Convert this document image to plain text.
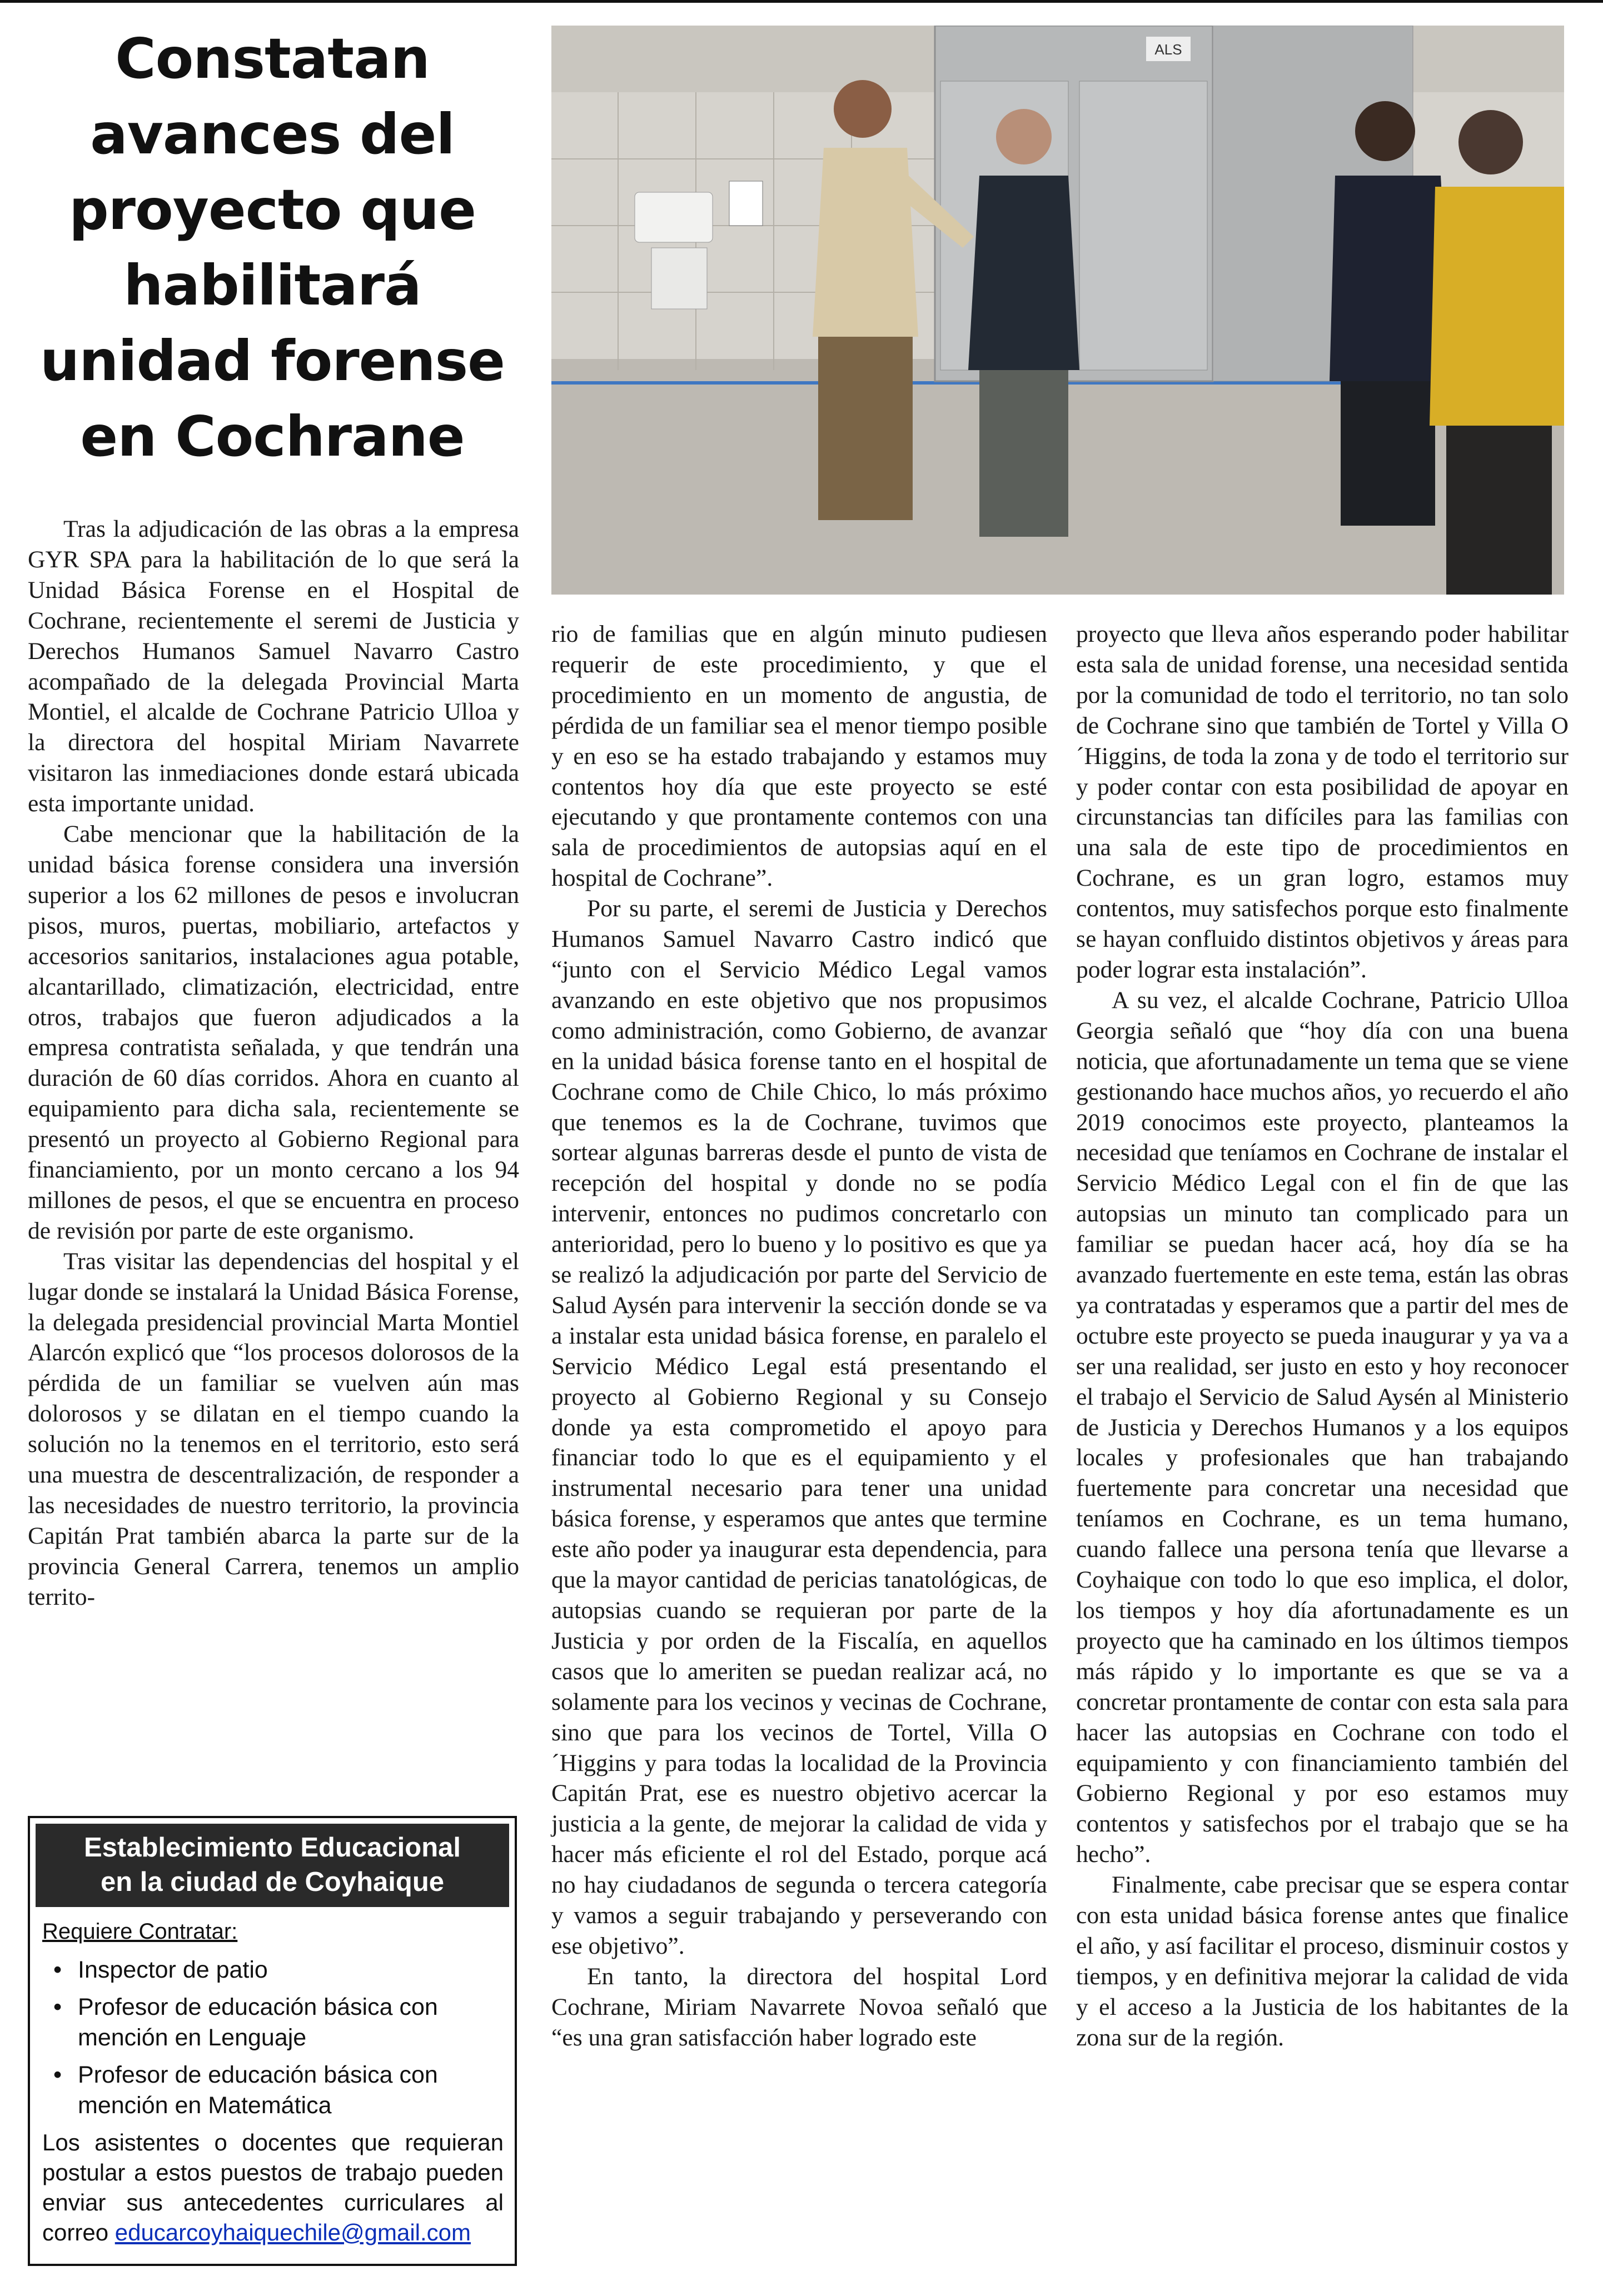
Constatan avances del proyecto que habilitará unidad forense en Cochrane

Tras la adjudicación de las obras a la empresa GYR SPA para la habilitación de lo que será la Unidad Básica Forense en el Hospital de Cochrane, recientemente el seremi de Justicia y Derechos Humanos Samuel Navarro Castro acompañado de la delegada Provincial Marta Montiel, el alcalde de Cochrane Patricio Ulloa y la directora del hospital Miriam Navarrete visitaron las inmediaciones donde estará ubicada esta importante unidad.

Cabe mencionar que la habilitación de la unidad básica forense considera una inversión superior a los 62 millones de pesos e involucran pisos, muros, puertas, mobiliario, artefactos y accesorios sanitarios, instalaciones agua potable, alcantarillado, climatización, electricidad, entre otros, trabajos que fueron adjudicados a la empresa contratista señalada, y que tendrán una duración de 60 días corridos. Ahora en cuanto al equipamiento para dicha sala, recientemente se presentó un proyecto al Gobierno Regional para financiamiento, por un monto cercano a los 94 millones de pesos, el que se encuentra en proceso de revisión por parte de este organismo.

Tras visitar las dependencias del hospital y el lugar donde se instalará la Unidad Básica Forense, la delegada presidencial provincial Marta Montiel Alarcón explicó que “los procesos dolorosos de la pérdida de un familiar se vuelven aún mas dolorosos y se dilatan en el tiempo cuando la solución no la tenemos en el territorio, esto será una muestra de descentralización, de responder a las necesidades de nuestro territorio, la provincia Capitán Prat también abarca la parte sur de la provincia General Carrera, tenemos un amplio territo-

ALS

rio de familias que en algún minuto pudiesen requerir de este procedimiento, y que el procedimiento en un momento de angustia, de pérdida de un familiar sea el menor tiempo posible y en eso se ha estado trabajando y estamos muy contentos hoy día que este proyecto se esté ejecutando y que prontamente contemos con una sala de procedimientos de autopsias aquí en el hospital de Cochrane”.

Por su parte, el seremi de Justicia y Derechos Humanos Samuel Navarro Castro indicó que “junto con el Servicio Médico Legal vamos avanzando en este objetivo que nos propusimos como administración, como Gobierno, de avanzar en la unidad básica forense tanto en el hospital de Cochrane como de Chile Chico, lo más próximo que tenemos es la de Cochrane, tuvimos que sortear algunas barreras desde el punto de vista de recepción del hospital y donde no se podía intervenir, entonces no pudimos concretarlo con anterioridad, pero lo bueno y lo positivo es que ya se realizó la adjudicación por parte del Servicio de Salud Aysén para intervenir la sección donde se va a instalar esta unidad básica forense, en paralelo el Servicio Médico Legal está presentando el proyecto al Gobierno Regional y su Consejo donde ya esta comprometido el apoyo para financiar todo lo que es el equipamiento y el instrumental necesario para tener una unidad básica forense, y esperamos que antes que termine este año poder ya inaugurar esta dependencia, para que la mayor cantidad de pericias tanatológicas, de autopsias cuando se requieran por parte de la Justicia y por orden de la Fiscalía, en aquellos casos que lo ameriten se puedan realizar acá, no solamente para los vecinos y vecinas de Cochrane, sino que para los vecinos de Tortel, Villa O´Higgins y para todas la localidad de la Provincia Capitán Prat, ese es nuestro objetivo acercar la justicia a la gente, de mejorar la calidad de vida y hacer más eficiente el rol del Estado, porque acá no hay ciudadanos de segunda o tercera categoría y vamos a seguir trabajando y perseverando con ese objetivo”.

En tanto, la directora del hospital Lord Cochrane, Miriam Navarrete Novoa señaló que “es una gran satisfacción haber logrado este

proyecto que lleva años esperando poder habilitar esta sala de unidad forense, una necesidad sentida por la comunidad de todo el territorio, no tan solo de Cochrane sino que también de Tortel y Villa O´Higgins, de toda la zona y de todo el territorio sur y poder contar con esta posibilidad de apoyar en circunstancias tan difíciles para las familias con una sala de este tipo de procedimientos en Cochrane, es un gran logro, estamos muy contentos, muy satisfechos porque esto finalmente se hayan confluido distintos objetivos y áreas para poder lograr esta instalación”.

A su vez, el alcalde Cochrane, Patricio Ulloa Georgia señaló que “hoy día con una buena noticia, que afortunadamente un tema que se viene gestionando hace muchos años, yo recuerdo el año 2019 conocimos este proyecto, planteamos la necesidad que teníamos en Cochrane de instalar el Servicio Médico Legal con el fin de que las autopsias un minuto tan complicado para un familiar se puedan hacer acá, hoy día se ha avanzado fuertemente en este tema, están las obras ya contratadas y esperamos que a partir del mes de octubre este proyecto se pueda inaugurar y ya va a ser una realidad, ser justo en esto y hoy reconocer el trabajo el Servicio de Salud Aysén al Ministerio de Justicia y Derechos Humanos y a los equipos locales y profesionales que han trabajando fuertemente para concretar una necesidad que teníamos en Cochrane, es un tema humano, cuando fallece una persona tenía que llevarse a Coyhaique con todo lo que eso implica, el dolor, los tiempos y hoy día afortunadamente es un proyecto que ha caminado en los últimos tiempos más rápido y lo importante es que se va a concretar prontamente de contar con esta sala para hacer las autopsias en Cochrane con todo el equipamiento y con financiamiento también del Gobierno Regional y por eso estamos muy contentos y satisfechos por el trabajo que se ha hecho”.

Finalmente, cabe precisar que se espera contar con esta unidad básica forense antes que finalice el año, y así facilitar el proceso, disminuir costos y tiempos, y en definitiva mejorar la calidad de vida y el acceso a la Justicia de los habitantes de la zona sur de la región.

Establecimiento Educacional
en la ciudad de Coyhaique
Requiere Contratar:
• Inspector de patio
• Profesor de educación básica con mención en Lenguaje
• Profesor de educación básica con mención en Matemática
Los asistentes o docentes que requieran postular a estos puestos de trabajo pueden enviar sus antecedentes curriculares al correo educarcoyhaiquechile@gmail.com
